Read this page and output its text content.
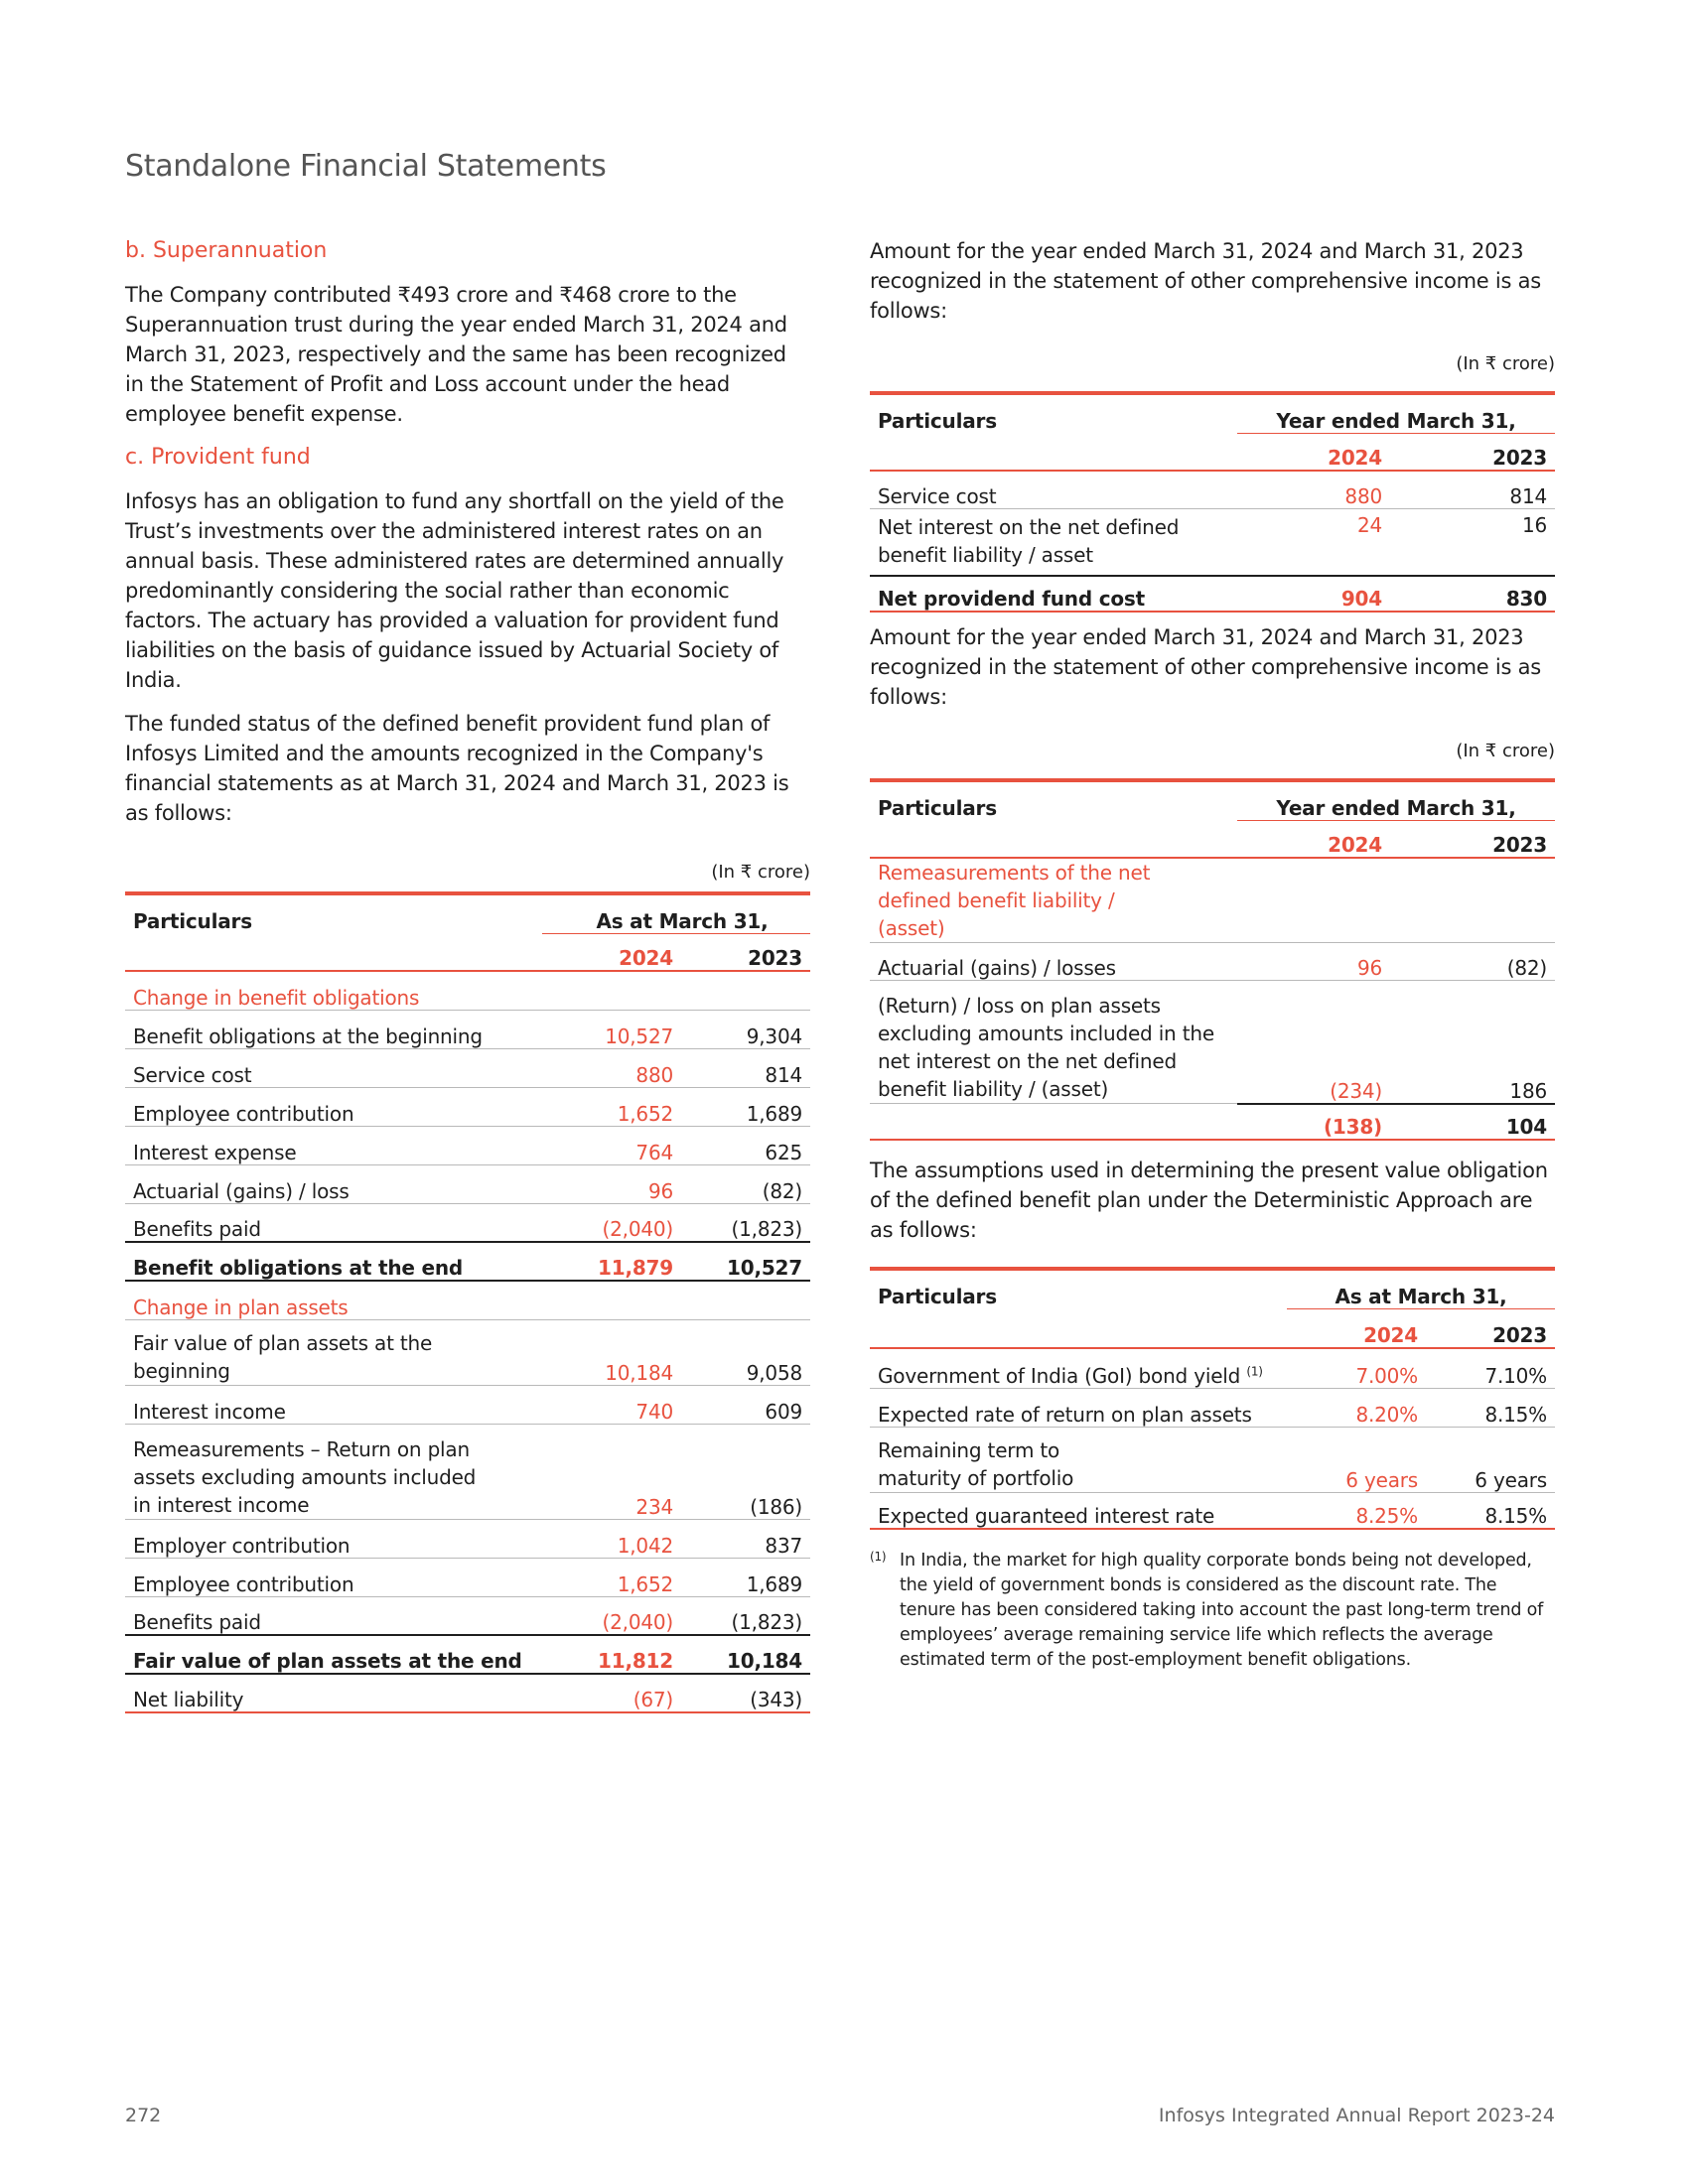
Standalone Financial Statements

b. Superannuation

The Company contributed ₹493 crore and ₹468 crore to the Superannuation trust during the year ended March 31, 2024 and March 31, 2023, respectively and the same has been recognized in the Statement of Profit and Loss account under the head employee benefit expense.

c. Provident fund

Infosys has an obligation to fund any shortfall on the yield of the Trust’s investments over the administered interest rates on an annual basis. These administered rates are determined annually predominantly considering the social rather than economic factors. The actuary has provided a valuation for provident fund liabilities on the basis of guidance issued by Actuarial Society of India.

The funded status of the defined benefit provident fund plan of Infosys Limited and the amounts recognized in the Company's financial statements as at March 31, 2024 and March 31, 2023 is as follows:

(In ₹ crore)
Particulars	As at March 31,	
	2024	2023
Change in benefit obligations		
Benefit obligations at the beginning	10,527	9,304
Service cost	880	814
Employee contribution	1,652	1,689
Interest expense	764	625
Actuarial (gains) / loss	96	(82)
Benefits paid	(2,040)	(1,823)
Benefit obligations at the end	11,879	10,527
Change in plan assets		
Fair value of plan assets at the beginning	10,184	9,058
Interest income	740	609
Remeasurements – Return on plan assets excluding amounts included in interest income	234	(186)
Employer contribution	1,042	837
Employee contribution	1,652	1,689
Benefits paid	(2,040)	(1,823)
Fair value of plan assets at the end	11,812	10,184
Net liability	(67)	(343)

Amount for the year ended March 31, 2024 and March 31, 2023 recognized in the statement of other comprehensive income is as follows:

(In ₹ crore)
Particulars	Year ended March 31,	
	2024	2023
Service cost	880	814
Net interest on the net defined benefit liability / asset	24	16
Net providend fund cost	904	830

Amount for the year ended March 31, 2024 and March 31, 2023 recognized in the statement of other comprehensive income is as follows:

(In ₹ crore)
Particulars	Year ended March 31,	
	2024	2023
Remeasurements of the net defined benefit liability / (asset)		
Actuarial (gains) / losses	96	(82)
(Return) / loss on plan assets excluding amounts included in the net interest on the net defined benefit liability / (asset)	(234)	186
	(138)	104

The assumptions used in determining the present value obligation of the defined benefit plan under the Deterministic Approach are as follows:

Particulars	As at March 31,	
	2024	2023
Government of India (GoI) bond yield $^{(1)}$	7.00%	7.10%
Expected rate of return on plan assets	8.20%	8.15%
Remaining term to maturity of portfolio	6 years	6 years
Expected guaranteed interest rate	8.25%	8.15%
(1) In India, the market for high quality corporate bonds being not developed, the yield of government bonds is considered as the discount rate. The tenure has been considered taking into account the past long-term trend of employees’ average remaining service life which reflects the average estimated term of the post-employment benefit obligations.
272	Infosys Integrated Annual Report 2023-24
